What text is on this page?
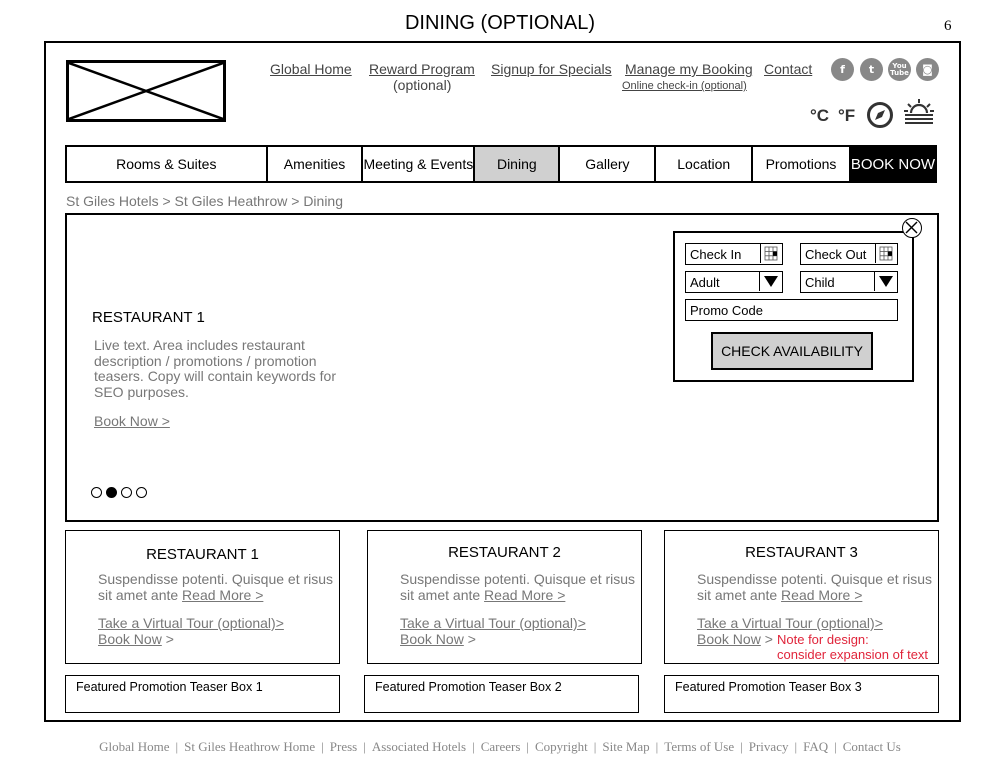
DINING (OPTIONAL)	6
Global Home Reward Program
(optional)
Signup for Specials Manage my Booking
Online check-in (optional)
Contact	f	t	You Tube	◙
°C °F
Rooms & Suites	Amenities	Meeting & Events	Dining	Gallery	Location	Promotions BOOK NOW
St Giles Hotels > St Giles Heathrow > Dining
RESTAURANT 1
Live text. Area includes restaurant description / promotions / promotion teasers. Copy will contain keywords for SEO purposes.
Book Now >
Check In	Check Out
Adult	Child
Promo Code
CHECK AVAILABILITY
RESTAURANT 1
Suspendisse potenti. Quisque et risus sit amet ante Read More >
Take a Virtual Tour (optional)>
Book Now >
RESTAURANT 2
Suspendisse potenti. Quisque et risus sit amet ante Read More >
Take a Virtual Tour (optional)>
Book Now >
RESTAURANT 3
Suspendisse potenti. Quisque et risus sit amet ante Read More >
Take a Virtual Tour (optional)>
Book Now > Note for design:
consider expansion of text
Featured Promotion Teaser Box 1	Featured Promotion Teaser Box 2	Featured Promotion Teaser Box 3
Global Home | St Giles Heathrow Home | Press | Associated Hotels | Careers | Copyright | Site Map | Terms of Use | Privacy | FAQ | Contact Us
